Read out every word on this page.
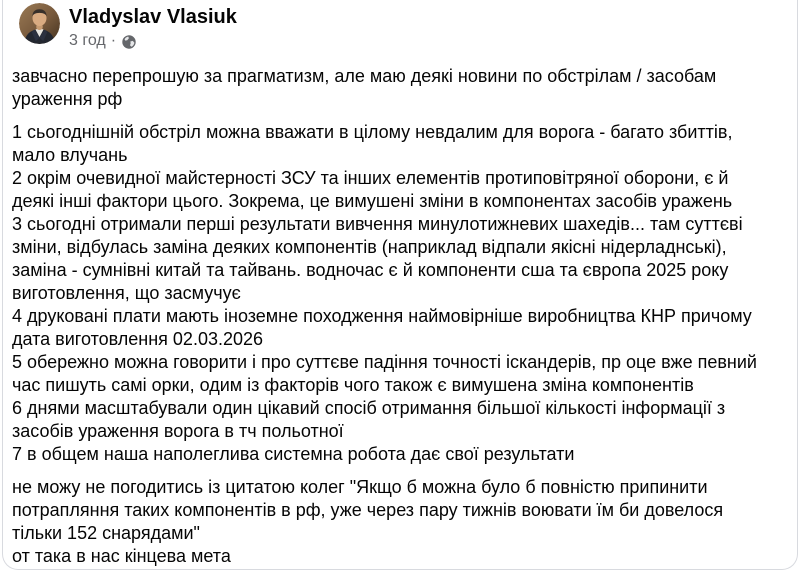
Vladyslav Vlasiuk
3 год ·
завчасно перепрошую за прагматизм, але маю деякі новини по обстрілам / засобам ураження рф
1 сьогоднішній обстріл можна вважати в цілому невдалим для ворога - багато збиттів, мало влучань
2 окрім очевидної майстерності ЗСУ та інших елементів протиповітряної оборони, є й деякі інші фактори цього. Зокрема, це вимушені зміни в компонентах засобів уражень
3 сьогодні отримали перші результати вивчення минулотижневих шахедів... там суттєві зміни, відбулась заміна деяких компонентів (наприклад відпали якісні нідерладнські), заміна - сумнівні китай та тайвань. водночас є й компоненти сша та європа 2025 року виготовлення, що засмучує
4 друковані плати мають іноземне походження наймовірніше виробництва КНР причому дата виготовлення 02.03.2026
5 обережно можна говорити і про суттєве падіння точності іскандерів, пр оце вже певний час пишуть самі орки, одим із факторів чого також є вимушена зміна компонентів
6 днями масштабували один цікавий спосіб отримання більшої кількості інформації з засобів ураження ворога в тч польотної
7 в общем наша наполеглива системна робота дає свої результати
не можу не погодитись із цитатою колег "Якщо б можна було б повністю припинити потрапляння таких компонентів в рф, уже через пару тижнів воювати їм би довелося тільки 152 снарядами"
от така в нас кінцева мета
